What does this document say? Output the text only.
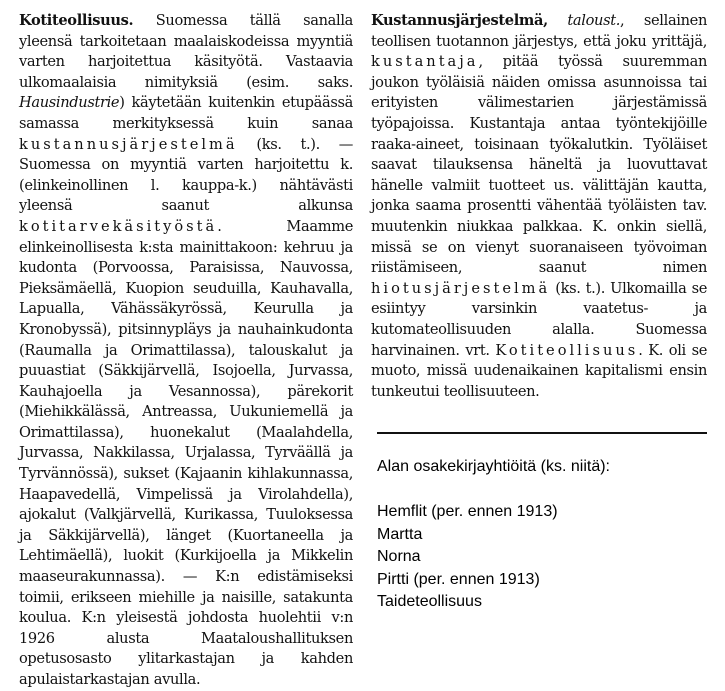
Kotiteollisuus. Suomessa tällä sanalla yleensä tarkoitetaan maalaiskodeissa myyntiä varten harjoitettua käsityötä. Vastaavia ulkomaalaisia nimityksiä (esim. saks. Hausindustrie) käytetään kuitenkin etupäässä samassa merkityksessä kuin sanaa kustannusjärjestelmä (ks. t.). — Suomessa on myyntiä varten harjoitettu k. (elinkeinollinen l. kauppa-k.) nähtävästi yleensä saanut alkunsa kotitarvekäsityöstä. Maamme elinkeinollisesta k:sta mainittakoon: kehruu ja kudonta (Porvoossa, Paraisissa, Nauvossa, Pieksämäellä, Kuopion seuduilla, Kauhavalla, Lapualla, Vähässäkyrössä, Keurulla ja Kronobyssä), pitsinnypläys ja nauhainkudonta (Raumalla ja Orimattilassa), talouskalut ja puuastiat (Säkkijärvellä, Isojoella, Jurvassa, Kauhajoella ja Vesannossa), pärekorit (Miehikkälässä, Antreassa, Uukuniemellä ja Orimattilassa), huonekalut (Maalahdella, Jurvassa, Nakkilassa, Urjalassa, Tyrväällä ja Tyrvännössä), sukset (Kajaanin kihlakunnassa, Haapavedellä, Vimpelissä ja Virolahdella), ajokalut (Valkjärvellä, Kurikassa, Tuuloksessa ja Säkkijärvellä), länget (Kuortaneella ja Lehtimäellä), luokit (Kurkijoella ja Mikkelin maaseurakunnassa). — K:n edistämiseksi toimii, erikseen miehille ja naisille, satakunta koulua. K:n yleisestä johdosta huolehtii v:n 1926 alusta Maataloushallituksen opetusosasto ylitarkastajan ja kahden apulaistarkastajan avulla.

Kustannusjärjestelmä, taloust., sellainen teollisen tuotannon järjestys, että joku yrittäjä, kustantaja, pitää työssä suuremman joukon työläisiä näiden omissa asunnoissa tai erityisten välimestarien järjestämissä työpajoissa. Kustantaja antaa työntekijöille raaka-aineet, toisinaan työkalutkin. Työläiset saavat tilauksensa häneltä ja luovuttavat hänelle valmiit tuotteet us. välittäjän kautta, jonka saama prosentti vähentää työläisten tav. muutenkin niukkaa palkkaa. K. onkin siellä, missä se on vienyt suoranaiseen työvoiman riistämiseen, saanut nimen hiotusjärjestelmä (ks. t.). Ulkomailla se esiintyy varsinkin vaatetus- ja kutomateollisuuden alalla. Suomessa harvinainen. vrt. Kotiteollisuus. K. oli se muoto, missä uudenaikainen kapitalismi ensin tunkeutui teollisuuteen.

Alan osakekirjayhtiöitä (ks. niitä):
Hemflit (per. ennen 1913)
Martta
Norna
Pirtti (per. ennen 1913)
Taideteollisuus
